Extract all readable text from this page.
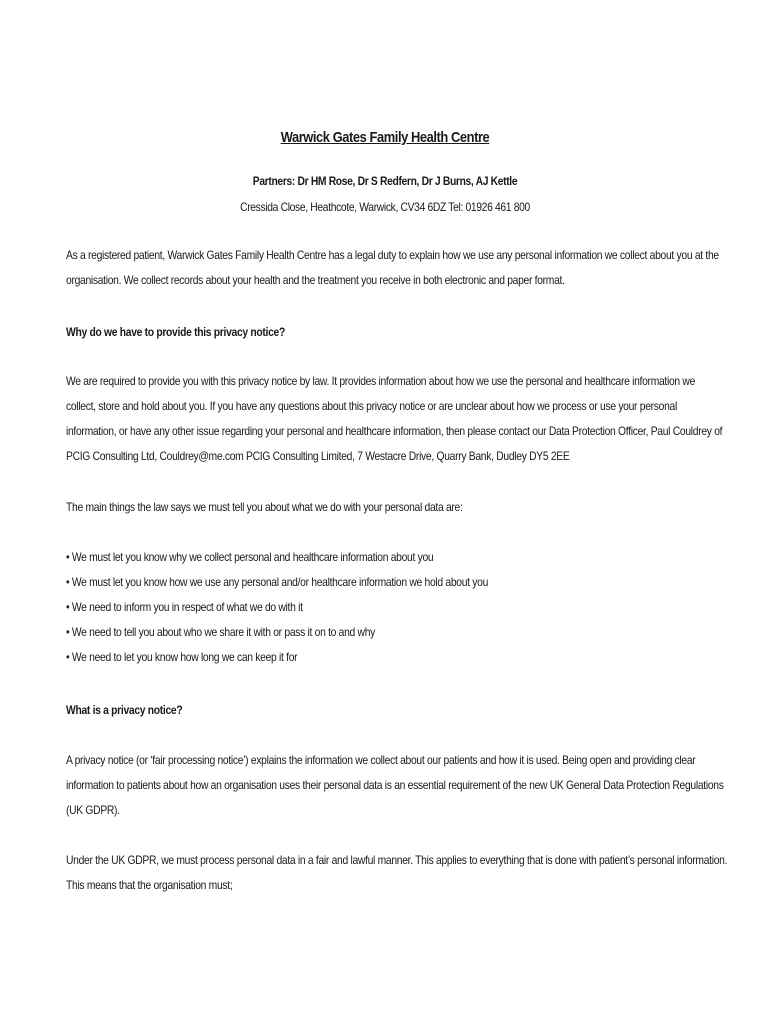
Warwick Gates Family Health Centre
Partners: Dr HM Rose, Dr S Redfern, Dr J Burns, AJ Kettle
Cressida Close, Heathcote, Warwick, CV34 6DZ Tel: 01926 461 800
As a registered patient, Warwick Gates Family Health Centre has a legal duty to explain how we use any personal information we collect about you at the
organisation. We collect records about your health and the treatment you receive in both electronic and paper format.
Why do we have to provide this privacy notice?
We are required to provide you with this privacy notice by law. It provides information about how we use the personal and healthcare information we
collect, store and hold about you. If you have any questions about this privacy notice or are unclear about how we process or use your personal
information, or have any other issue regarding your personal and healthcare information, then please contact our Data Protection Officer, Paul Couldrey of
PCIG Consulting Ltd, Couldrey@me.com PCIG Consulting Limited, 7 Westacre Drive, Quarry Bank, Dudley DY5 2EE
The main things the law says we must tell you about what we do with your personal data are:
• We must let you know why we collect personal and healthcare information about you
• We must let you know how we use any personal and/or healthcare information we hold about you
• We need to inform you in respect of what we do with it
• We need to tell you about who we share it with or pass it on to and why
• We need to let you know how long we can keep it for
What is a privacy notice?
A privacy notice (or ‘fair processing notice’) explains the information we collect about our patients and how it is used. Being open and providing clear
information to patients about how an organisation uses their personal data is an essential requirement of the new UK General Data Protection Regulations
(UK GDPR).
Under the UK GDPR, we must process personal data in a fair and lawful manner. This applies to everything that is done with patient’s personal information.
This means that the organisation must;
